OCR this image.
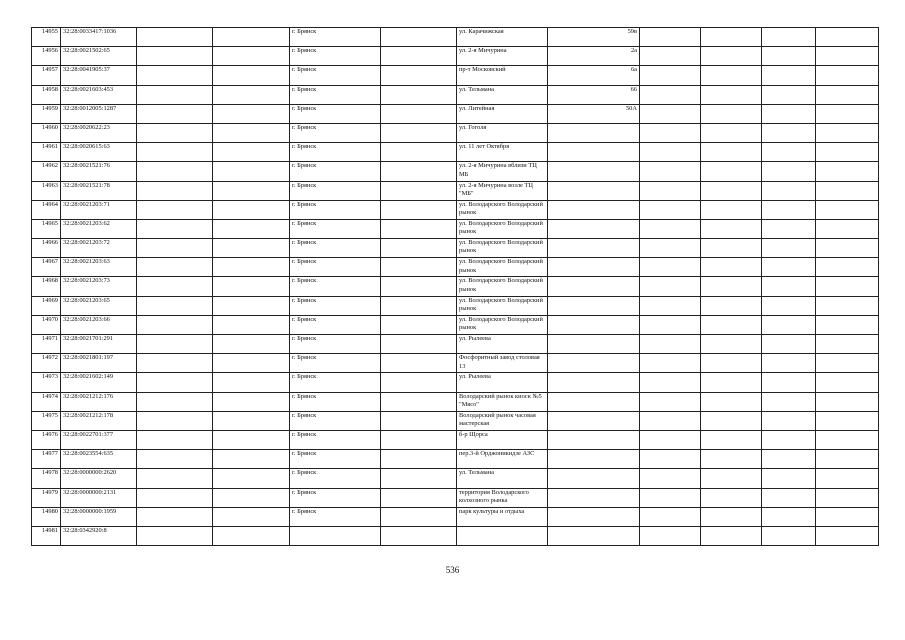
14955	32:28:0033417:1036			г. Брянск		ул. Карачижская	59в				
14956	32:28:0021502:65			г. Брянск		ул. 2-я Мичурина	2а				
14957	32:28:0041905:37			г. Брянск		пр-т Московский	6а				
14958	32:28:0021603:453			г. Брянск		ул. Тельмана	66				
14959	32:28:0012005:1287			г. Брянск		ул. Литейная	50А				
14960	32:28:0020622:23			г. Брянск		ул. Гоголя					
14961	32:28:0020615:63			г. Брянск		ул. 11 лет Октября					
14962	32:28:0021521:76			г. Брянск		ул. 2-я Мичурина вблизи ТЦ МБ					
14963	32:28:0021521:78			г. Брянск		ул. 2-я Мичурина возле ТЦ "МБ"					
14964	32:28:0021203:71			г. Брянск		ул. Володарского Володарский рынок					
14965	32:28:0021203:62			г. Брянск		ул. Володарского Володарский рынок					
14966	32:28:0021203:72			г. Брянск		ул. Володарского Володарский рынок					
14967	32:28:0021203:63			г. Брянск		ул. Володарского Володарский рынок					
14968	32:28:0021203:73			г. Брянск		ул. Володарского Володарский рынок					
14969	32:28:0021203:65			г. Брянск		ул. Володарского Володарский рынок					
14970	32:28:0021203:66			г. Брянск		ул. Володарского Володарский рынок					
14971	32:28:0021701:291			г. Брянск		ул. Рылеева					
14972	32:28:0021801:197			г. Брянск		Фосфоритный завод столовая 13					
14973	32:28:0021602:149			г. Брянск		ул. Рылеева					
14974	32:28:0021212:176			г. Брянск		Володарский рынок киоск №5 "Мясо"					
14975	32:28:0021212:178			г. Брянск		Володарский рынок часовая мастерская					
14976	32:28:0022701:377			г. Брянск		б-р Щорса					
14977	32:28:0023554:635			г. Брянск		пер.3-й Орджоникидзе АЗС					
14978	32:28:0000000:2620			г. Брянск		ул. Тельмана					
14979	32:28:0000000:2131			г. Брянск		территория Володарского колхозного рынка					
14980	32:28:0000000:1959			г. Брянск		парк культуры и отдыха					
14981	32:28:0342920:8										
536
